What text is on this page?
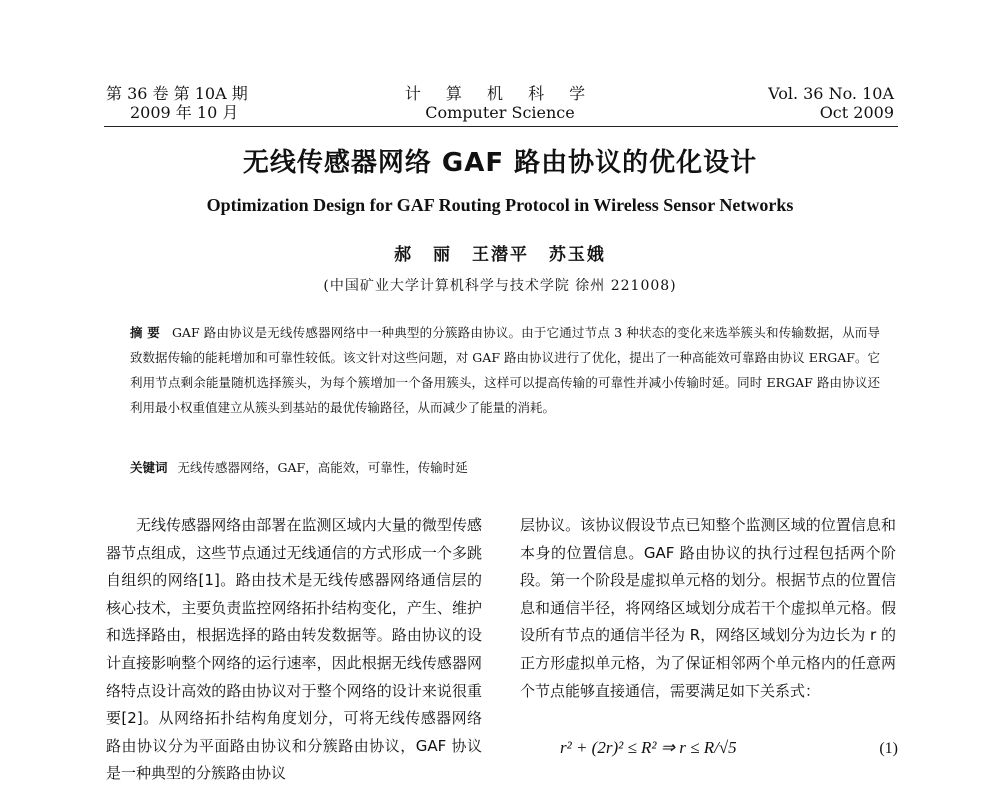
第 36 卷 第 10A 期
2009 年 10 月
计 算 机 科 学
Computer Science
Vol. 36 No. 10A
Oct 2009
无线传感器网络 GAF 路由协议的优化设计
Optimization Design for GAF Routing Protocol in Wireless Sensor Networks
郝 丽 王潜平 苏玉娥
(中国矿业大学计算机科学与技术学院 徐州 221008)
摘 要 GAF 路由协议是无线传感器网络中一种典型的分簇路由协议。由于它通过节点 3 种状态的变化来选举簇头和传输数据，从而导致数据传输的能耗增加和可靠性较低。该文针对这些问题，对 GAF 路由协议进行了优化，提出了一种高能效可靠路由协议 ERGAF。它利用节点剩余能量随机选择簇头，为每个簇增加一个备用簇头，这样可以提高传输的可靠性并减小传输时延。同时 ERGAF 路由协议还利用最小权重值建立从簇头到基站的最优传输路径，从而减少了能量的消耗。
关键词 无线传感器网络，GAF，高能效，可靠性，传输时延

无线传感器网络由部署在监测区域内大量的微型传感器节点组成，这些节点通过无线通信的方式形成一个多跳自组织的网络[1]。路由技术是无线传感器网络通信层的核心技术，主要负责监控网络拓扑结构变化，产生、维护和选择路由，根据选择的路由转发数据等。路由协议的设计直接影响整个网络的运行速率，因此根据无线传感器网络特点设计高效的路由协议对于整个网络的设计来说很重要[2]。从网络拓扑结构角度划分，可将无线传感器网络路由协议分为平面路由协议和分簇路由协议，GAF 协议是一种典型的分簇路由协议

层协议。该协议假设节点已知整个监测区域的位置信息和本身的位置信息。GAF 路由协议的执行过程包括两个阶段。第一个阶段是虚拟单元格的划分。根据节点的位置信息和通信半径，将网络区域划分成若干个虚拟单元格。假设所有节点的通信半径为 R，网络区域划分为边长为 r 的正方形虚拟单元格，为了保证相邻两个单元格内的任意两个节点能够直接通信，需要满足如下关系式：

r² + (2r)² ≤ R² ⇒ r ≤ R/√5	(1)
